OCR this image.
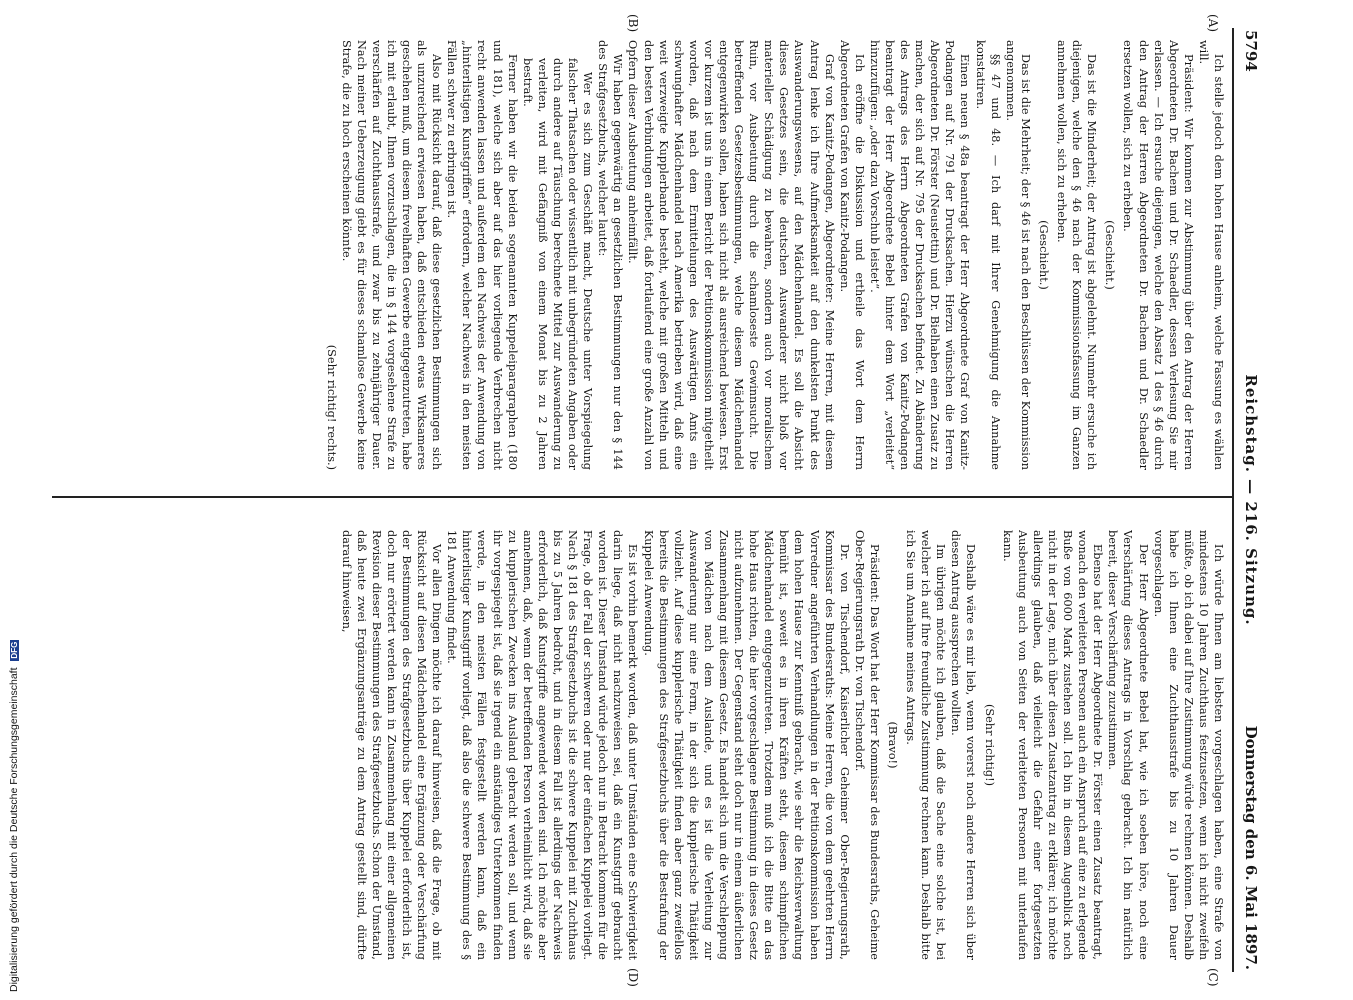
5794
Reichstag. — 216. Sitzung.
Donnerstag den 6. Mai 1897.
(A)
(B)
(C)
(D)

Ich stelle jedoch dem hohen Hause anheim, welche Fassung es wählen will.

Präsident: Wir kommen zur Abstimmung über den Antrag der Herren Abgeordneten Dr. Bachem und Dr. Schaedler, dessen Verlesung Sie mir erlassen. — Ich ersuche diejenigen, welche den Absatz 1 des § 46 durch den Antrag der Herren Abgeordneten Dr. Bachem und Dr. Schaedler ersetzen wollen, sich zu erheben.

(Geschieht.)

Das ist die Minderheit; der Antrag ist abgelehnt. Nunmehr ersuche ich diejenigen, welche den § 46 nach der Kommissionsfassung im Ganzen annehmen wollen, sich zu erheben.

(Geschieht.)

Das ist die Mehrheit; der § 46 ist nach den Beschlüssen der Kommission angenommen.

§§ 47 und 48. — Ich darf mit Ihrer Genehmigung die Annahme konstatiren.

Einen neuen § 48a beantragt der Herr Abgeordnete Graf von Kanitz-Podangen auf Nr. 791 der Drucksachen. Hierzu wünschen die Herren Abgeordneten Dr. Förster (Neustettin) und Dr. Bielhaben einen Zusatz zu machen, der sich auf Nr. 795 der Drucksachen befindet. Zu Abänderung des Antrags des Herrn Abgeordneten Grafen von Kanitz-Podangen beantragt der Herr Abgeordnete Bebel hinter dem Wort „verleitet“ hinzuzufügen: „oder dazu Vorschub leistet“.

Ich eröffne die Diskussion und ertheile das Wort dem Herrn Abgeordneten Grafen von Kanitz-Podangen.

Graf von Kanitz-Podangen, Abgeordneter: Meine Herren, mit diesem Antrag lenke ich Ihre Aufmerksamkeit auf den dunkelsten Punkt des Auswanderungswesens, auf den Mädchenhandel. Es soll die Absicht dieses Gesetzes sein, die deutschen Auswanderer nicht bloß vor materieller Schädigung zu bewahren, sondern auch vor moralischem Ruin, vor Ausbeutung durch die schamloseste Gewinnsucht. Die betreffenden Gesetzesbestimmungen, welche diesem Mädchenhandel entgegenwirken sollen, haben sich nicht als ausreichend bewiesen. Erst vor kurzem ist uns in einem Bericht der Petitionskommission mitgetheilt worden, daß nach dem Ermittelungen des Auswärtigen Amts ein schwunghafter Mädchenhandel nach Amerika betrieben wird, daß eine weit verzweigte Kupplerbande besteht, welche mit großen Mitteln und den besten Verbindungen arbeitet, daß fortlaufend eine große Anzahl von Opfern dieser Ausbeutung anheimfällt.

Wir haben gegenwärtig an gesetzlichen Bestimmungen nur den § 144 des Strafgesetzbuchs, welcher lautet:

Wer es sich zum Geschäft macht, Deutsche unter Vorspiegelung falscher Thatsachen oder wissentlich mit unbegründeten Angaben oder durch andere auf Täuschung berechnete Mittel zur Auswanderung zu verleiten, wird mit Gefängniß von einem Monat bis zu 2 Jahren bestraft.

Ferner haben wir die beiden sogenannten Kuppeleiparagraphen (180 und 181), welche sich aber auf das hier vorliegende Verbrechen nicht recht anwenden lassen und außerdem den Nachweis der Anwendung von „hinterlistigen Kunstgriffen“ erfordern, welcher Nachweis in den meisten Fällen schwer zu erbringen ist.

Also mit Rücksicht darauf, daß diese gesetzlichen Bestimmungen sich als unzureichend erwiesen haben, daß entschieden etwas Wirksameres geschehen muß, um diesem frevelhaften Gewerbe entgegenzutreten, habe ich mit erlaubt, Ihnen vorzuschlagen, die in § 144 vorgesehene Strafe zu verschärfen auf Zuchthausstrafe, und zwar bis zu zehnjähriger Dauer. Nach meiner Ueberzeugung giebt es für dieses schamlose Gewerbe keine Strafe, die zu hoch erscheinen könnte.

(Sehr richtig! rechts.)

Ich würde Ihnen am liebsten vorgeschlagen haben, eine Strafe von mindestens 10 Jahren Zuchthaus festzusetzen, wenn ich nicht zweifeln müßte, ob ich dabei auf Ihre Zustimmung würde rechnen können. Deshalb habe ich Ihnen eine Zuchthausstrafe bis zu 10 Jahren Dauer vorgeschlagen.

Der Herr Abgeordnete Bebel hat, wie ich soeben höre, noch eine Verschärfung dieses Antrags in Vorschlag gebracht. Ich bin natürlich bereit, dieser Verschärfung zuzustimmen.

Ebenso hat der Herr Abgeordnete Dr. Förster einen Zusatz beantragt, wonach den verleiteten Personen auch ein Anspruch auf eine zu erlegende Buße von 6000 Mark zustehen soll. Ich bin in diesem Augenblick noch nicht in der Lage, mich über diesen Zusatzantrag zu erklären; ich möchte allerdings glauben, daß vielleicht die Gefahr einer fortgesetzten Ausbeutung auch von Seiten der verleiteten Personen mit unterlaufen kann.

(Sehr richtig!)

Deshalb wäre es mir lieb, wenn vorerst noch andere Herren sich über diesen Antrag aussprechen wollten.

Im übrigen möchte ich glauben, daß die Sache eine solche ist, bei welcher ich auf Ihre freundliche Zustimmung rechnen kann. Deshalb bitte ich Sie um Annahme meines Antrags.

(Bravo!)

Präsident: Das Wort hat der Herr Kommissar des Bundesraths, Geheime Ober-Regierungsrath Dr. von Tischendorf.

Dr. von Tischendorf, Kaiserlicher Geheimer Ober-Regierungsrath, Kommissar des Bundesraths: Meine Herren, die von dem geehrten Herrn Vorredner angeführten Verhandlungen in der Petitionskommission haben dem hohen Hause zur Kenntniß gebracht, wie sehr die Reichsverwaltung bemüht ist, soweit es in ihren Kräften steht, diesem schimpflichen Mädchenhandel entgegenzutreten. Trotzdem muß ich die Bitte an das hohe Haus richten, die hier vorgeschlagene Bestimmung in dieses Gesetz nicht aufzunehmen. Der Gegenstand steht doch nur in einem äußerlichen Zusammenhang mit diesem Gesetz. Es handelt sich um die Verschleppung von Mädchen nach dem Auslande, und es ist die Verleitung zur Auswanderung nur eine Form, in der sich die kupplerische Thätigkeit vollzieht. Auf diese kupplerische Thätigkeit finden aber ganz zweifellos bereits die Bestimmungen des Strafgesetzbuchs über die Bestrafung der Kuppelei Anwendung.

Es ist vorhin bemerkt worden, daß unter Umständen eine Schwierigkeit darin liege, daß nicht nachzuweisen sei, daß ein Kunstgriff gebraucht worden ist. Dieser Umstand würde jedoch nur in Betracht kommen für die Frage, ob der Fall der schweren oder nur der einfachen Kuppelei vorliegt. Nach § 181 des Strafgesetzbuchs ist die schwere Kuppelei mit Zuchthaus bis zu 5 Jahren bedroht, und in diesem Fall ist allerdings der Nachweis erforderlich, daß Kunstgriffe angewendet worden sind. Ich möchte aber annehmen, daß, wenn der betreffenden Person verheimlicht wird, daß sie zu kupplerischen Zwecken ins Ausland gebracht werden soll, und wenn ihr vorgespiegelt ist, daß sie irgend ein anständiges Unterkommen finden werde, in den meisten Fällen festgestellt werden kann, daß ein hinterlistiger Kunstgriff vorliegt, daß also die schwere Bestimmung des § 181 Anwendung findet.

Vor allen Dingen möchte ich darauf hinweisen, daß die Frage, ob mit Rücksicht auf diesen Mädchenhandel eine Ergänzung oder Verschärfung der Bestimmungen des Strafgesetzbuchs über Kuppelei erforderlich ist, doch nur erörtert werden kann in Zusammenhang mit einer allgemeinen Revision dieser Bestimmungen des Strafgesetzbuchs. Schon der Umstand, daß heute zwei Ergänzungsanträge zu dem Antrag gestellt sind, dürfte darauf hinweisen,

Digitalisierung gefördert durch die Deutsche Forschungsgemeinschaft DFG
